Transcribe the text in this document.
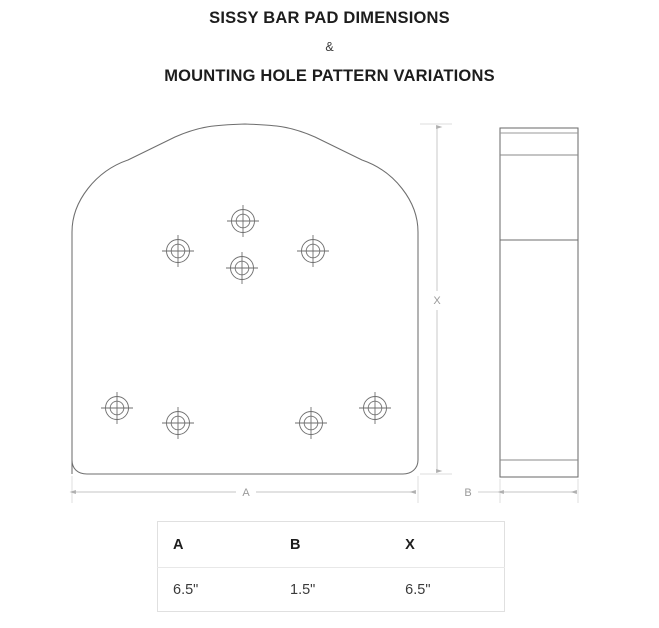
SISSY BAR PAD DIMENSIONS
&
MOUNTING HOLE PATTERN VARIATIONS
X
A	B
A	B	X
6.5"	1.5"	6.5"
